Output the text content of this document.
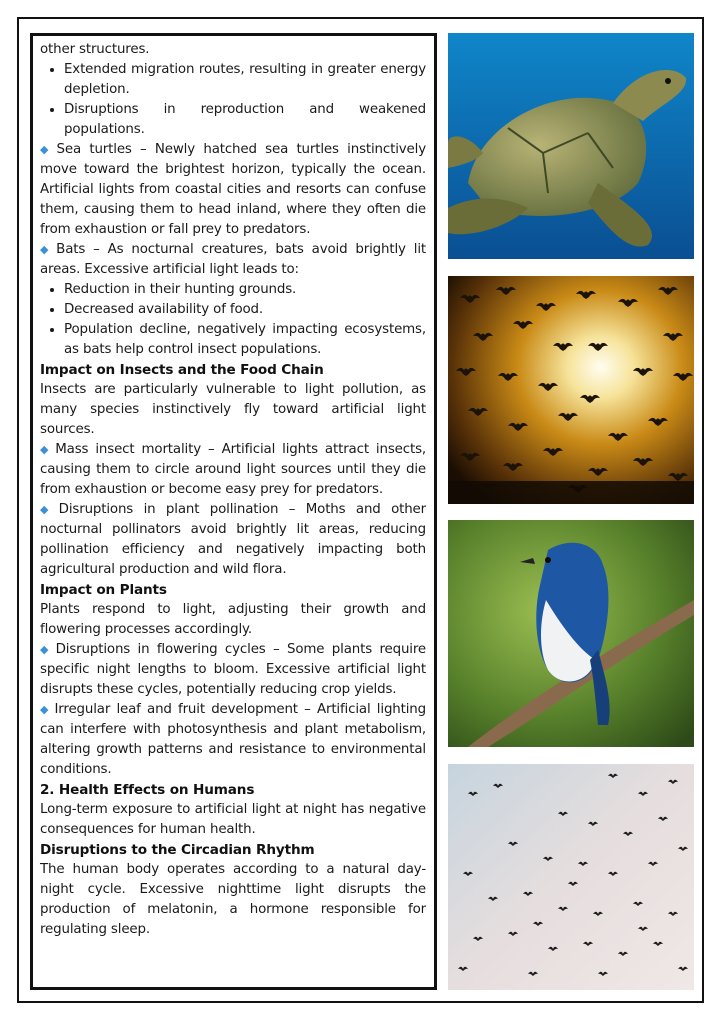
other structures.

• Extended migration routes, resulting in greater energy depletion.
• Disruptions in reproduction and weakened populations.

◆ Sea turtles – Newly hatched sea turtles instinctively move toward the brightest horizon, typically the ocean. Artificial lights from coastal cities and resorts can confuse them, causing them to head inland, where they often die from exhaustion or fall prey to predators.

◆ Bats – As nocturnal creatures, bats avoid brightly lit areas. Excessive artificial light leads to:

• Reduction in their hunting grounds.
• Decreased availability of food.
• Population decline, negatively impacting ecosystems, as bats help control insect populations.
Impact on Insects and the Food Chain

Insects are particularly vulnerable to light pollution, as many species instinctively fly toward artificial light sources.

◆ Mass insect mortality – Artificial lights attract insects, causing them to circle around light sources until they die from exhaustion or become easy prey for predators.

◆ Disruptions in plant pollination – Moths and other nocturnal pollinators avoid brightly lit areas, reducing pollination efficiency and negatively impacting both agricultural production and wild flora.

Impact on Plants

Plants respond to light, adjusting their growth and flowering processes accordingly.

◆ Disruptions in flowering cycles – Some plants require specific night lengths to bloom. Excessive artificial light disrupts these cycles, potentially reducing crop yields.

◆ Irregular leaf and fruit development – Artificial lighting can interfere with photosynthesis and plant metabolism, altering growth patterns and resistance to environmental conditions.

2. Health Effects on Humans

Long-term exposure to artificial light at night has negative consequences for human health.

Disruptions to the Circadian Rhythm

The human body operates according to a natural day-night cycle. Excessive nighttime light disrupts the production of melatonin, a hormone responsible for regulating sleep.
